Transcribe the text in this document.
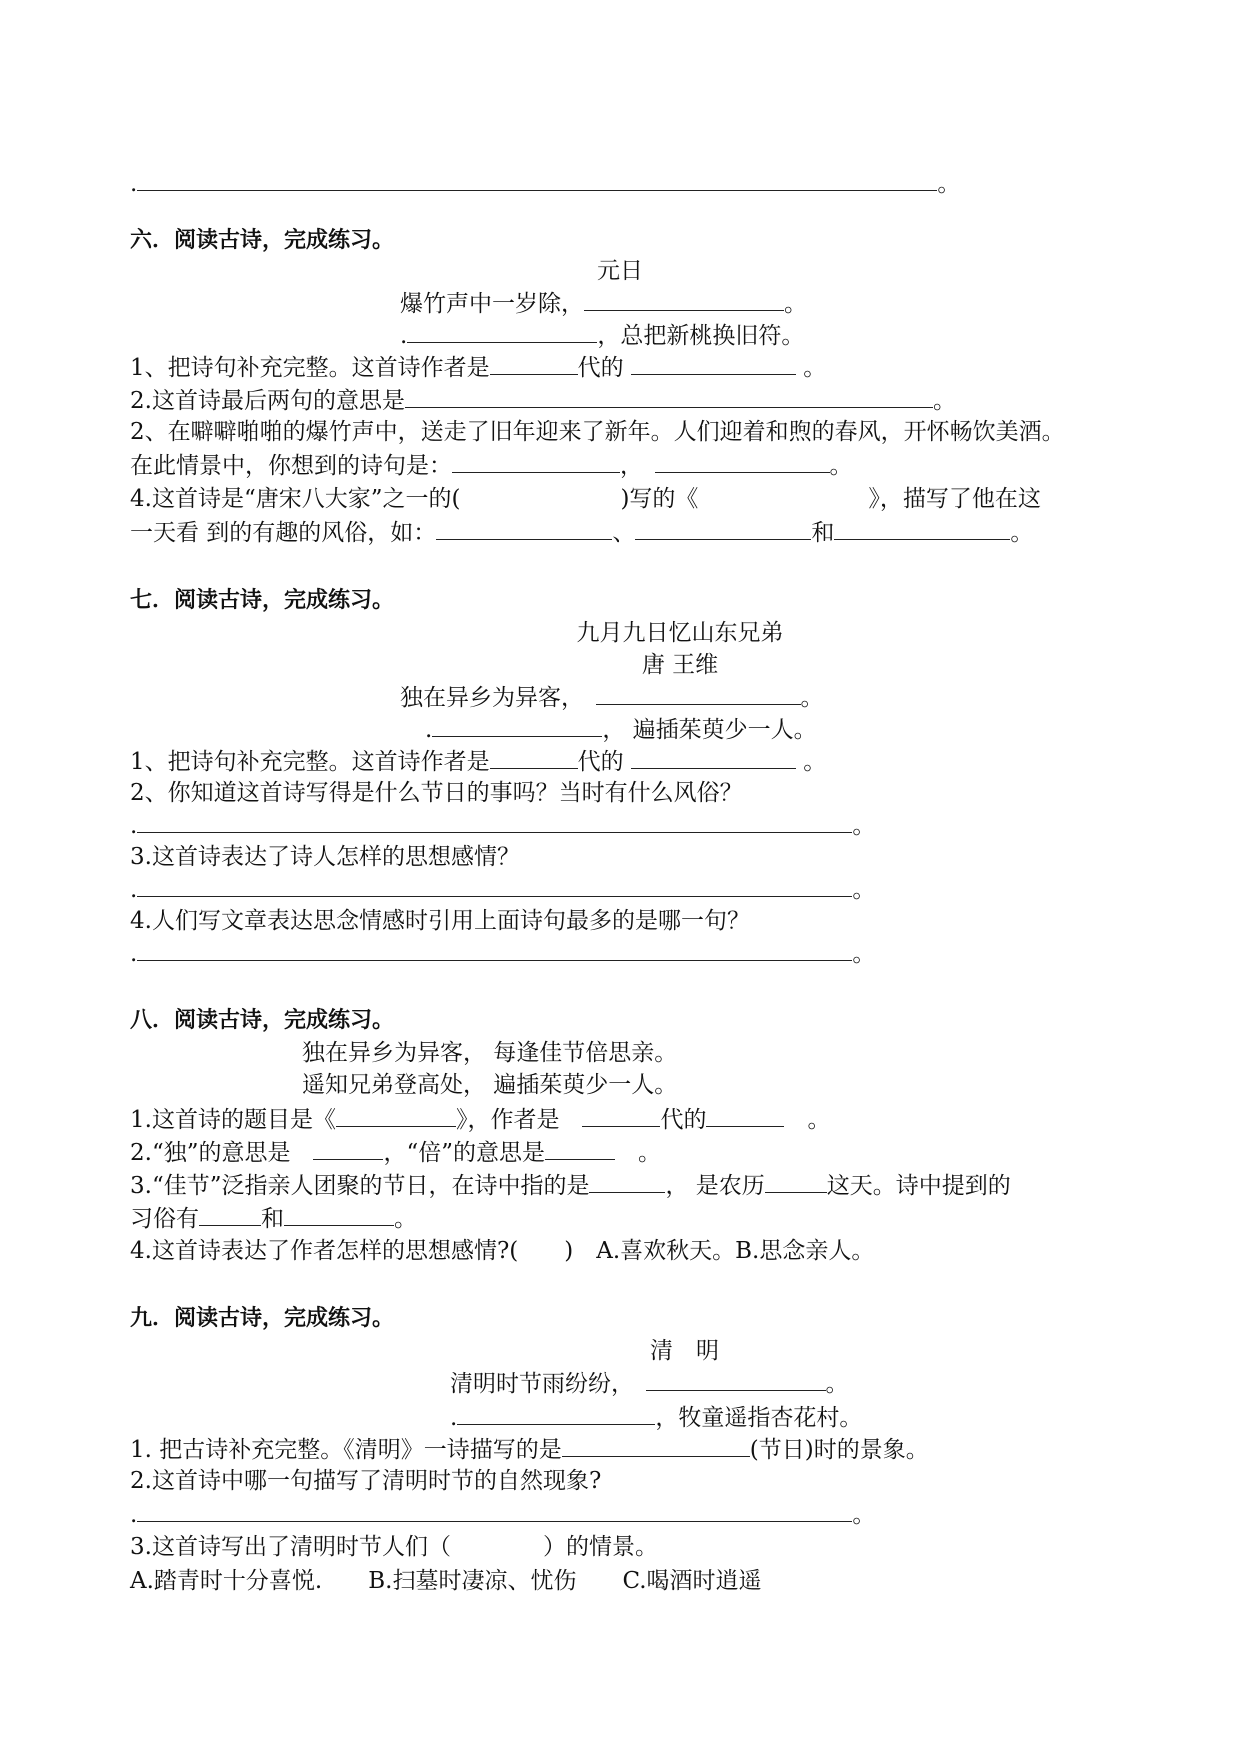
.	。
六．阅读古诗，完成练习。
元日
爆竹声中一岁除，	。
.	，总把新桃换旧符。
1、把诗句补充完整。这首诗作者是	代的	。
2.这首诗最后两句的意思是	。
2、在噼噼啪啪的爆竹声中，送走了旧年迎来了新年。人们迎着和煦的春风，开怀畅饮美酒。
在此情景中，你想到的诗句是：	，　	。
4.这首诗是“唐宋八大家”之一的(	)写的《	》，描写了他在这
一天看 到的有趣的风俗，如：	、	和	。
七．阅读古诗，完成练习。
九月九日忆山东兄弟
唐 王维
独在异乡为异客，　	。
.	， 遍插茱萸少一人。
1、把诗句补充完整。这首诗作者是	代的	。
2、你知道这首诗写得是什么节日的事吗？当时有什么风俗？
.	。
3.这首诗表达了诗人怎样的思想感情？
.	。
4.人们写文章表达思念情感时引用上面诗句最多的是哪一句？
.	。
八．阅读古诗，完成练习。
独在异乡为异客， 每逢佳节倍思亲。
遥知兄弟登高处， 遍插茱萸少一人。
1.这首诗的题目是《	》，作者是　	代的　	。
2.“独”的意思是　	，“倍”的意思是　	。
3.“佳节”泛指亲人团聚的节日，在诗中指的是	， 是农历	这天。诗中提到的
习俗有	和	。
4.这首诗表达了作者怎样的思想感情?(　　)　A.喜欢秋天。B.思念亲人。
九．阅读古诗，完成练习。
清　明
清明时节雨纷纷，　	。
.	，牧童遥指杏花村。
1. 把古诗补充完整。《清明》一诗描写的是	(节日)时的景象。
2.这首诗中哪一句描写了清明时节的自然现象?
.	。
3.这首诗写出了清明时节人们（　　　　）的情景。
A.踏青时十分喜悦.　　B.扫墓时凄凉、忧伤　　C.喝酒时逍遥
